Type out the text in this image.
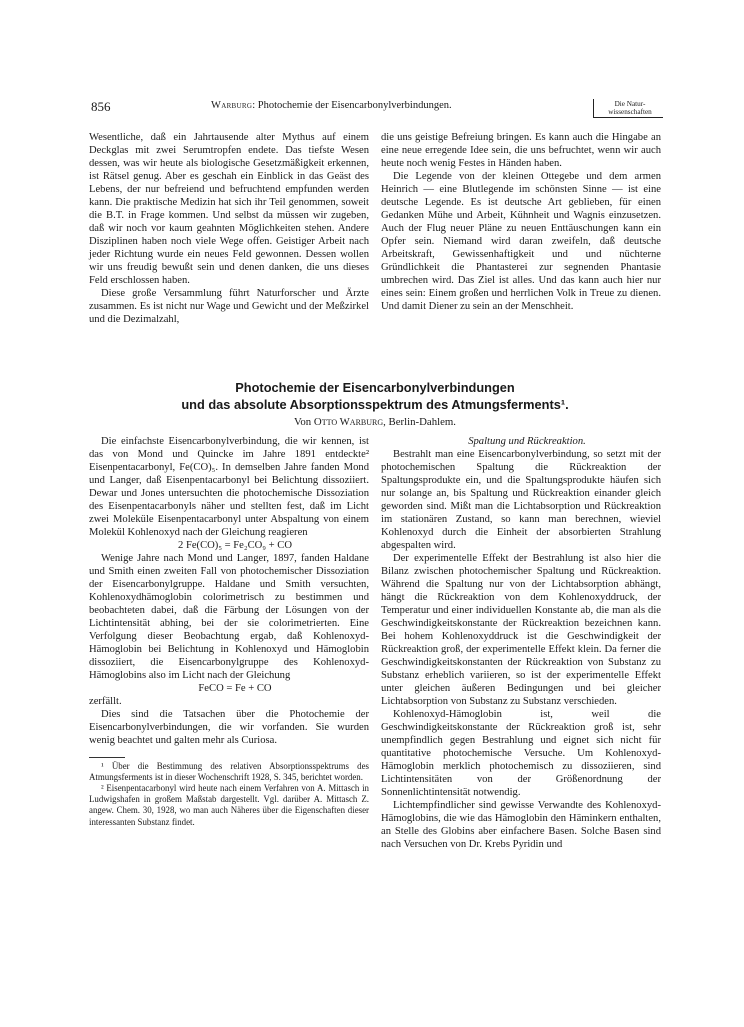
856	Warburg: Photochemie der Eisencarbonylverbindungen.	Die Natur-
wissenschaften

Wesentliche, daß ein Jahrtausende alter Mythus auf einem Deckglas mit zwei Serumtropfen endete. Das tiefste Wesen dessen, was wir heute als biologische Gesetzmäßigkeit erkennen, ist Rätsel genug. Aber es geschah ein Einblick in das Geäst des Lebens, der nur befreiend und befruchtend empfunden werden kann. Die praktische Medizin hat sich ihr Teil genommen, soweit die B.T. in Frage kommen. Und selbst da müssen wir zugeben, daß wir noch vor kaum geahnten Möglichkeiten stehen. Andere Disziplinen haben noch viele Wege offen. Geistiger Arbeit nach jeder Richtung wurde ein neues Feld gewonnen. Dessen wollen wir uns freudig bewußt sein und denen danken, die uns dieses Feld erschlossen haben.

Diese große Versammlung führt Naturforscher und Ärzte zusammen. Es ist nicht nur Wage und Gewicht und der Meßzirkel und die Dezimalzahl,

die uns geistige Befreiung bringen. Es kann auch die Hingabe an eine neue erregende Idee sein, die uns befruchtet, wenn wir auch heute noch wenig Festes in Händen haben.

Die Legende von der kleinen Ottegebe und dem armen Heinrich — eine Blutlegende im schönsten Sinne — ist eine deutsche Legende. Es ist deutsche Art geblieben, für einen Gedanken Mühe und Arbeit, Kühnheit und Wagnis einzusetzen. Auch der Flug neuer Pläne zu neuen Enttäuschungen kann ein Opfer sein. Niemand wird daran zweifeln, daß deutsche Arbeitskraft, Gewissenhaftigkeit und und nüchterne Gründlichkeit die Phantasterei zur segnenden Phantasie umbrechen wird. Das Ziel ist alles. Und das kann auch hier nur eines sein: Einem großen und herrlichen Volk in Treue zu dienen. Und damit Diener zu sein an der Menschheit.

Photochemie der Eisencarbonylverbindungen
und das absolute Absorptionsspektrum des Atmungsferments¹.
Von Otto Warburg, Berlin-Dahlem.

Die einfachste Eisencarbonylverbindung, die wir kennen, ist das von Mond und Quincke im Jahre 1891 entdeckte² Eisenpentacarbonyl, Fe(CO)₅. In demselben Jahre fanden Mond und Langer, daß Eisenpentacarbonyl bei Belichtung dissoziiert. Dewar und Jones untersuchten die photochemische Dissoziation des Eisenpentacarbonyls näher und stellten fest, daß im Licht zwei Moleküle Eisenpentacarbonyl unter Abspaltung von einem Molekül Kohlenoxyd nach der Gleichung reagieren

2 Fe(CO)₅ = Fe₂CO₉ + CO

Wenige Jahre nach Mond und Langer, 1897, fanden Haldane und Smith einen zweiten Fall von photochemischer Dissoziation der Eisencarbonylgruppe. Haldane und Smith versuchten, Kohlenoxydhämoglobin colorimetrisch zu bestimmen und beobachteten dabei, daß die Färbung der Lösungen von der Lichtintensität abhing, bei der sie colorimetrierten. Eine Verfolgung dieser Beobachtung ergab, daß Kohlenoxyd-Hämoglobin bei Belichtung in Kohlenoxyd und Hämoglobin dissoziiert, die Eisencarbonylgruppe des Kohlenoxyd-Hämoglobins also im Licht nach der Gleichung

FeCO = Fe + CO

zerfällt.

Dies sind die Tatsachen über die Photochemie der Eisencarbonylverbindungen, die wir vorfanden. Sie wurden wenig beachtet und galten mehr als Curiosa.

¹ Über die Bestimmung des relativen Absorptionsspektrums des Atmungsferments ist in dieser Wochenschrift 1928, S. 345, berichtet worden.

² Eisenpentacarbonyl wird heute nach einem Verfahren von A. Mittasch in Ludwigshafen in großem Maßstab dargestellt. Vgl. darüber A. Mittasch Z. angew. Chem. 30, 1928, wo man auch Näheres über die Eigenschaften dieser interessanten Substanz findet.

Spaltung und Rückreaktion.

Bestrahlt man eine Eisencarbonylverbindung, so setzt mit der photochemischen Spaltung die Rückreaktion der Spaltungsprodukte ein, und die Spaltungsprodukte häufen sich nur solange an, bis Spaltung und Rückreaktion einander gleich geworden sind. Mißt man die Lichtabsorption und Rückreaktion im stationären Zustand, so kann man berechnen, wieviel Kohlenoxyd durch die Einheit der absorbierten Strahlung abgespalten wird.

Der experimentelle Effekt der Bestrahlung ist also hier die Bilanz zwischen photochemischer Spaltung und Rückreaktion. Während die Spaltung nur von der Lichtabsorption abhängt, hängt die Rückreaktion von dem Kohlenoxyddruck, der Temperatur und einer individuellen Konstante ab, die man als die Geschwindigkeitskonstante der Rückreaktion bezeichnen kann. Bei hohem Kohlenoxyddruck ist die Geschwindigkeit der Rückreaktion groß, der experimentelle Effekt klein. Da ferner die Geschwindigkeitskonstanten der Rückreaktion von Substanz zu Substanz erheblich variieren, so ist der experimentelle Effekt unter gleichen äußeren Bedingungen und bei gleicher Lichtabsorption von Substanz zu Substanz verschieden.

Kohlenoxyd-Hämoglobin ist, weil die Geschwindigkeitskonstante der Rückreaktion groß ist, sehr unempfindlich gegen Bestrahlung und eignet sich nicht für quantitative photochemische Versuche. Um Kohlenoxyd-Hämoglobin merklich photochemisch zu dissoziieren, sind Lichtintensitäten von der Größenordnung der Sonnenlichtintensität notwendig.

Lichtempfindlicher sind gewisse Verwandte des Kohlenoxyd-Hämoglobins, die wie das Hämoglobin den Häminkern enthalten, an Stelle des Globins aber einfachere Basen. Solche Basen sind nach Versuchen von Dr. Krebs Pyridin und
